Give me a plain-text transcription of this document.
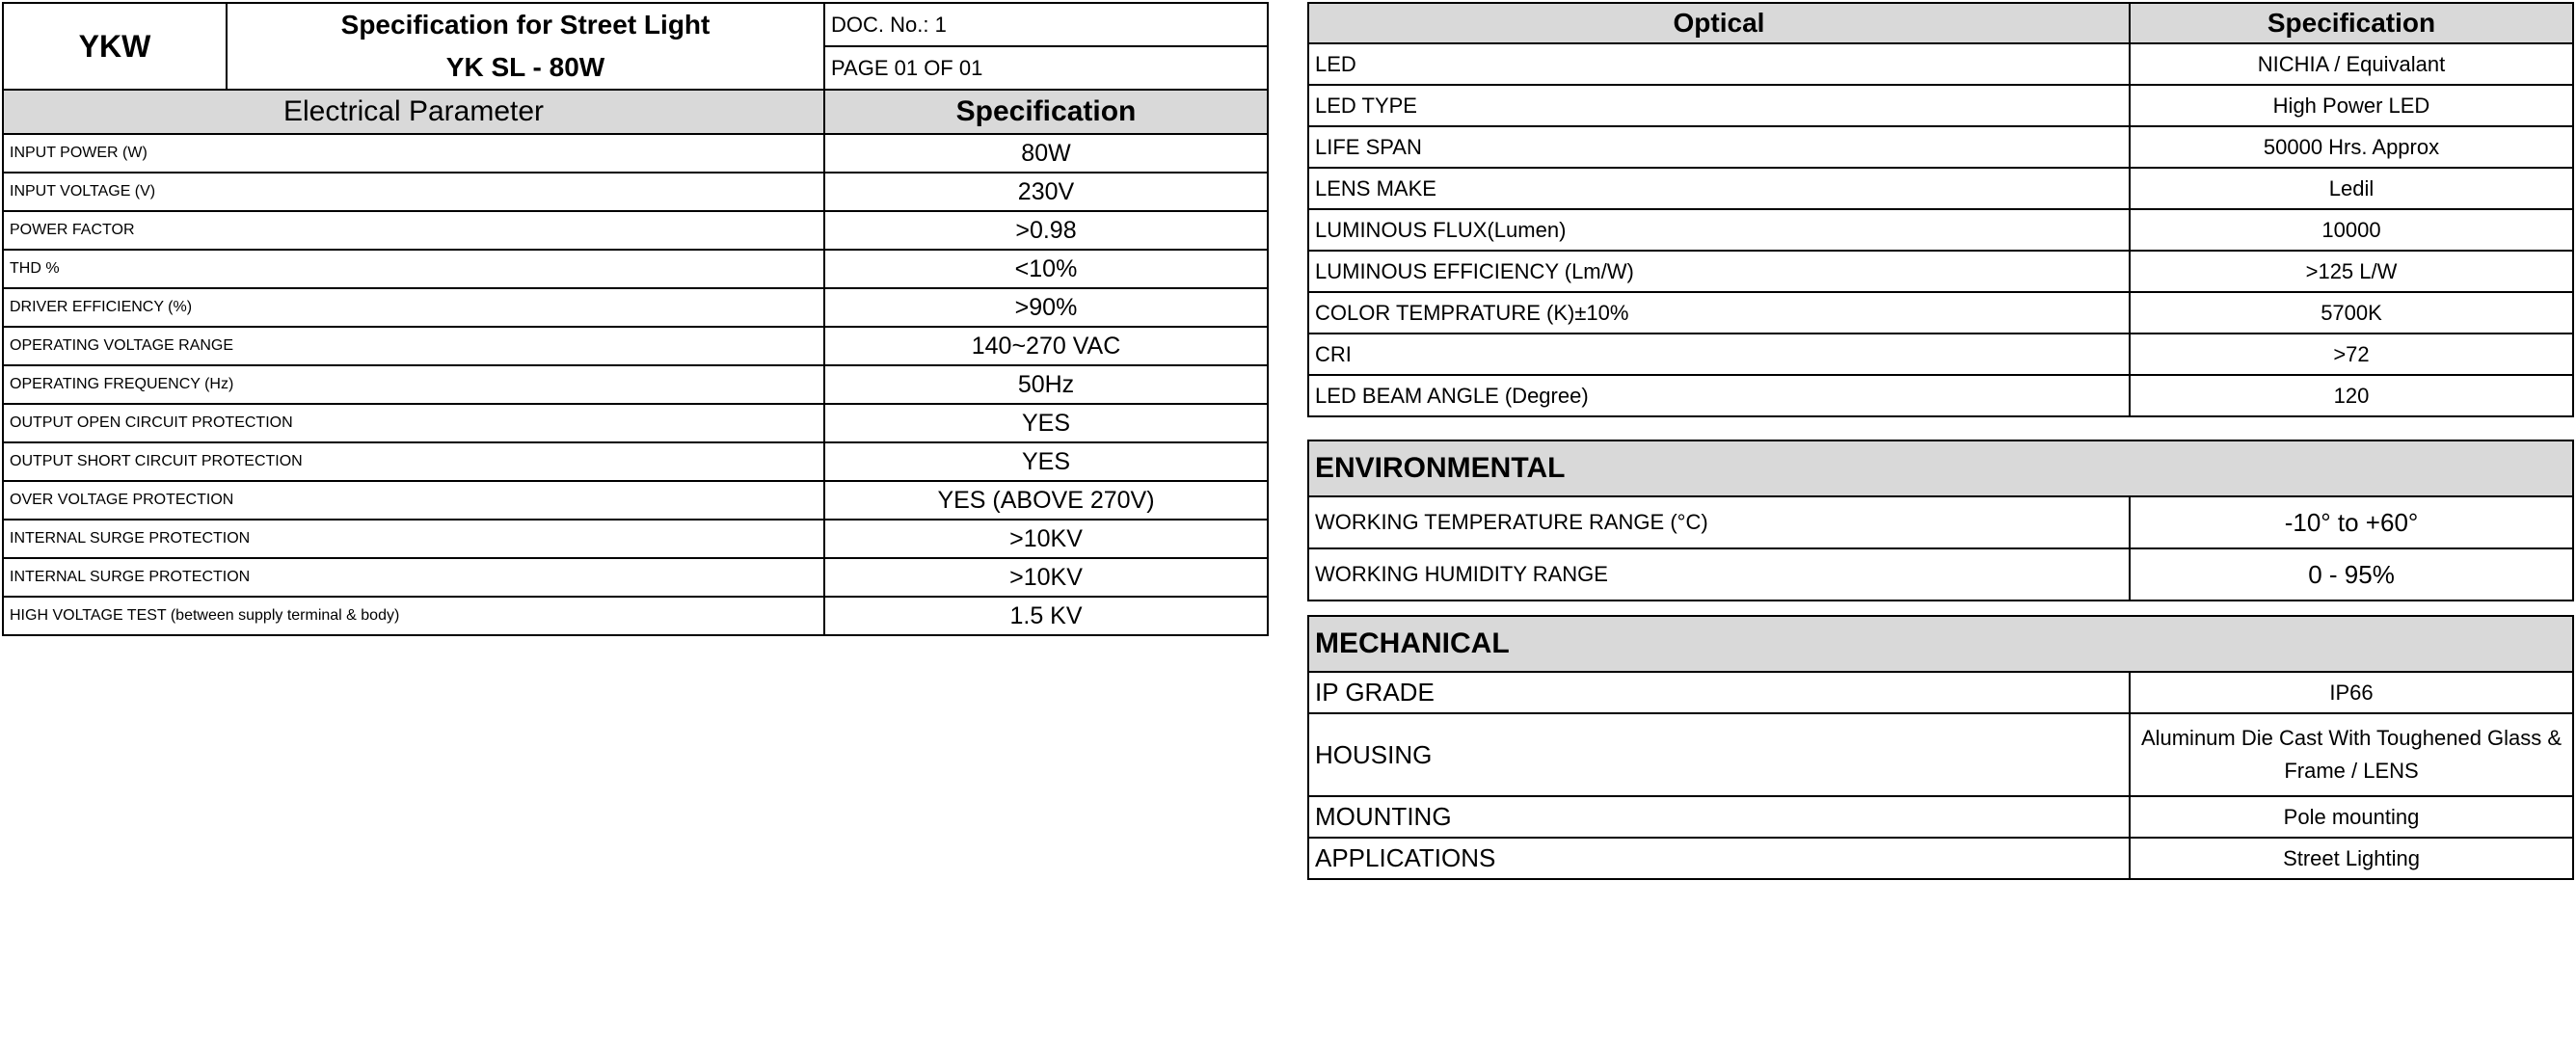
YKW	
Specification for Street Light
YK SL - 80W
	DOC. No.: 1
PAGE 01 OF 01
Electrical Parameter	Specification
INPUT POWER (W)	80W
INPUT VOLTAGE (V)	230V
POWER FACTOR	>0.98
THD %	<10%
DRIVER EFFICIENCY (%)	>90%
OPERATING VOLTAGE RANGE	140~270 VAC
OPERATING FREQUENCY (Hz)	50Hz
OUTPUT OPEN CIRCUIT PROTECTION	YES
OUTPUT SHORT CIRCUIT PROTECTION	YES
OVER VOLTAGE PROTECTION	YES (ABOVE 270V)
INTERNAL SURGE PROTECTION	>10KV
INTERNAL SURGE PROTECTION	>10KV
HIGH VOLTAGE TEST (between supply terminal & body)	1.5 KV
Optical	Specification
LED	NICHIA / Equivalant
LED TYPE	High Power LED
LIFE SPAN	50000 Hrs. Approx
LENS MAKE	Ledil
LUMINOUS FLUX(Lumen)	10000
LUMINOUS EFFICIENCY (Lm/W)	>125 L/W
COLOR TEMPRATURE (K)±10%	5700K
CRI	>72
LED BEAM ANGLE (Degree)	120
ENVIRONMENTAL	
WORKING TEMPERATURE RANGE (°C)	-10° to +60°
WORKING HUMIDITY RANGE	0 - 95%
MECHANICAL	
IP GRADE	IP66
HOUSING	Aluminum Die Cast With Toughened Glass & Frame / LENS
MOUNTING	Pole mounting
APPLICATIONS	Street Lighting
